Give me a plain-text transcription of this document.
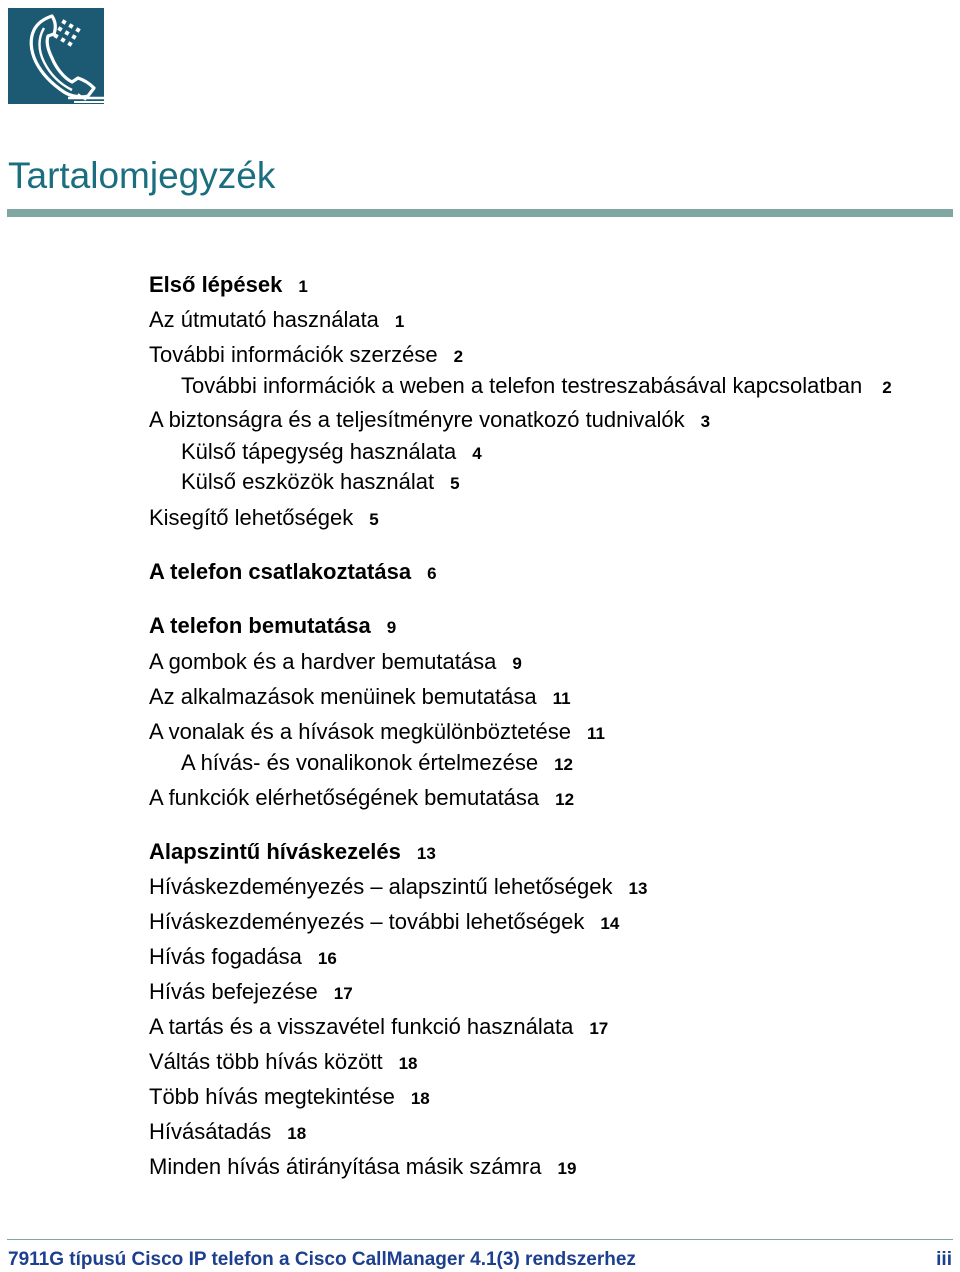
Tartalomjegyzék
Első lépések 1
Az útmutató használata 1
További információk szerzése 2
További információk a weben a telefon testreszabásával kapcsolatban 2
A biztonságra és a teljesítményre vonatkozó tudnivalók 3
Külső tápegység használata 4
Külső eszközök használat 5
Kisegítő lehetőségek 5
A telefon csatlakoztatása 6
A telefon bemutatása 9
A gombok és a hardver bemutatása 9
Az alkalmazások menüinek bemutatása 11
A vonalak és a hívások megkülönböztetése 11
A hívás- és vonalikonok értelmezése 12
A funkciók elérhetőségének bemutatása 12
Alapszintű híváskezelés 13
Híváskezdeményezés – alapszintű lehetőségek 13
Híváskezdeményezés – további lehetőségek 14
Hívás fogadása 16
Hívás befejezése 17
A tartás és a visszavétel funkció használata 17
Váltás több hívás között 18
Több hívás megtekintése 18
Hívásátadás 18
Minden hívás átirányítása másik számra 19
7911G típusú Cisco IP telefon a Cisco CallManager 4.1(3) rendszerhez	iii
